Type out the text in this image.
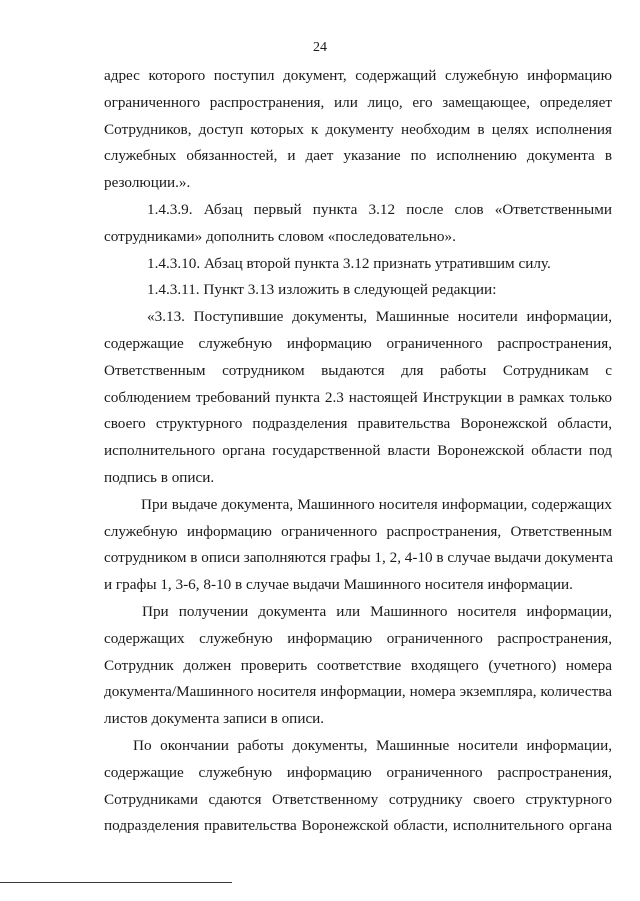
24
адрес которого поступил документ, содержащий служебную информацию
ограниченного распространения, или лицо, его замещающее, определяет
Сотрудников, доступ которых к документу необходим в целях исполнения
служебных обязанностей, и дает указание по исполнению документа в
резолюции.».
1.4.3.9. Абзац первый пункта 3.12 после слов «Ответственными
сотрудниками» дополнить словом «последовательно».
1.4.3.10. Абзац второй пункта 3.12 признать утратившим силу.
1.4.3.11. Пункт 3.13 изложить в следующей редакции:
«3.13. Поступившие документы, Машинные носители информации,
содержащие служебную информацию ограниченного распространения,
Ответственным сотрудником выдаются для работы Сотрудникам с
соблюдением требований пункта 2.3 настоящей Инструкции в рамках только
своего структурного подразделения правительства Воронежской области,
исполнительного органа государственной власти Воронежской области под
подпись в описи.
При выдаче документа, Машинного носителя информации, содержащих
служебную информацию ограниченного распространения, Ответственным
сотрудником в описи заполняются графы 1, 2, 4-10 в случае выдачи документа
и графы 1, 3-6, 8-10 в случае выдачи Машинного носителя информации.
При получении документа или Машинного носителя информации,
содержащих служебную информацию ограниченного распространения,
Сотрудник должен проверить соответствие входящего (учетного) номера
документа/Машинного носителя информации, номера экземпляра, количества
листов документа записи в описи.
По окончании работы документы, Машинные носители информации,
содержащие служебную информацию ограниченного распространения,
Сотрудниками сдаются Ответственному сотруднику своего структурного
подразделения правительства Воронежской области, исполнительного органа
